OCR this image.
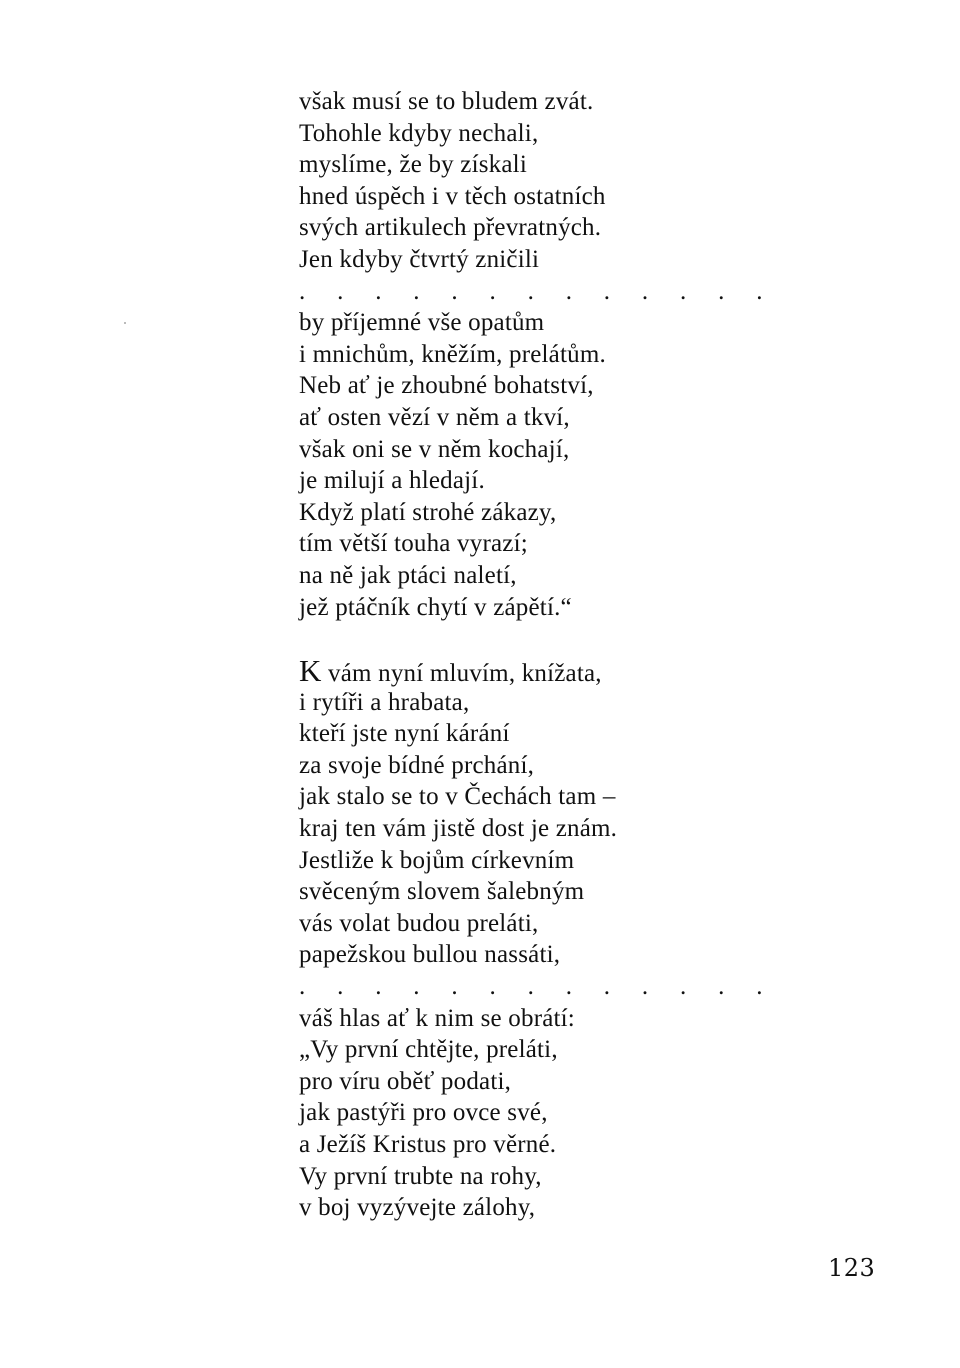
však musí se to bludem zvát.
Tohohle kdyby nechali,
myslíme, že by získali
hned úspěch i v těch ostatních
svých artikulech převratných.
Jen kdyby čtvrtý zničili
. . . . . . . . . . . . .
by příjemné vše opatům
i mnichům, kněžím, prelátům.
Neb ať je zhoubné bohatství,
ať osten vězí v něm a tkví,
však oni se v něm kochají,
je milují a hledají.
Když platí strohé zákazy,
tím větší touha vyrazí;
na ně jak ptáci naletí,
jež ptáčník chytí v zápětí.“
K vám nyní mluvím, knížata,
i rytíři a hrabata,
kteří jste nyní kárání
za svoje bídné prchání,
jak stalo se to v Čechách tam –
kraj ten vám jistě dost je znám.
Jestliže k bojům církevním
svěceným slovem šalebným
vás volat budou preláti,
papežskou bullou nassáti,
. . . . . . . . . . . . .
váš hlas ať k nim se obrátí:
„Vy první chtějte, preláti,
pro víru oběť podati,
jak pastýři pro ovce své,
a Ježíš Kristus pro věrné.
Vy první trubte na rohy,
v boj vyzývejte zálohy,
123
